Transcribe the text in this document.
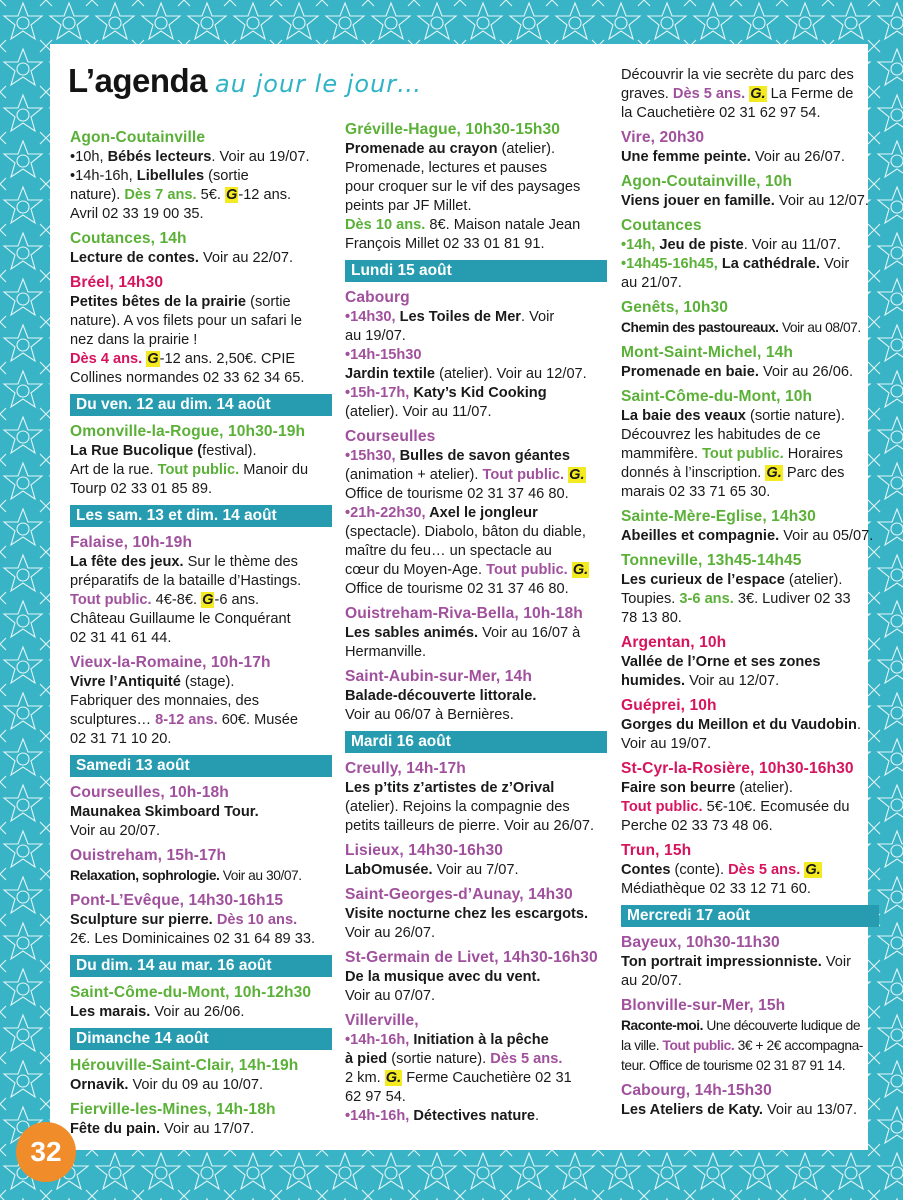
L’agenda au jour le jour…
Agon-Coutainville
•10h, Bébés lecteurs. Voir au 19/07.
•14h-16h, Libellules (sortie
nature). Dès 7 ans. 5€. G-12 ans.
Avril 02 33 19 00 35.
Coutances, 14h
Lecture de contes. Voir au 22/07.
Bréel, 14h30
Petites bêtes de la prairie (sortie
nature). A vos filets pour un safari le
nez dans la prairie !
Dès 4 ans. G-12 ans. 2,50€. CPIE
Collines normandes 02 33 62 34 65.
Du ven. 12 au dim. 14 août
Omonville-la-Rogue, 10h30-19h
La Rue Bucolique (festival).
Art de la rue. Tout public. Manoir du
Tourp 02 33 01 85 89.
Les sam. 13 et dim. 14 août
Falaise, 10h-19h
La fête des jeux. Sur le thème des
préparatifs de la bataille d’Hastings.
Tout public. 4€-8€. G-6 ans.
Château Guillaume le Conquérant
02 31 41 61 44.
Vieux-la-Romaine, 10h-17h
Vivre l’Antiquité (stage).
Fabriquer des monnaies, des
sculptures… 8-12 ans. 60€. Musée
02 31 71 10 20.
Samedi 13 août
Courseulles, 10h-18h
Maunakea Skimboard Tour.
Voir au 20/07.
Ouistreham, 15h-17h
Relaxation, sophrologie. Voir au 30/07.
Pont-L’Evêque, 14h30-16h15
Sculpture sur pierre. Dès 10 ans.
2€. Les Dominicaines 02 31 64 89 33.
Du dim. 14 au mar. 16 août
Saint-Côme-du-Mont, 10h-12h30
Les marais. Voir au 26/06.
Dimanche 14 août
Hérouville-Saint-Clair, 14h-19h
Ornavik. Voir du 09 au 10/07.
Fierville-les-Mines, 14h-18h
Fête du pain. Voir au 17/07.
Gréville-Hague, 10h30-15h30
Promenade au crayon (atelier).
Promenade, lectures et pauses
pour croquer sur le vif des paysages
peints par JF Millet.
Dès 10 ans. 8€. Maison natale Jean
François Millet 02 33 01 81 91.
Lundi 15 août
Cabourg
•14h30, Les Toiles de Mer. Voir
au 19/07.
•14h-15h30
Jardin textile (atelier). Voir au 12/07.
•15h-17h, Katy’s Kid Cooking
(atelier). Voir au 11/07.
Courseulles
•15h30, Bulles de savon géantes
(animation + atelier). Tout public. G.
Office de tourisme 02 31 37 46 80.
•21h-22h30, Axel le jongleur
(spectacle). Diabolo, bâton du diable,
maître du feu… un spectacle au
cœur du Moyen-Age. Tout public. G.
Office de tourisme 02 31 37 46 80.
Ouistreham-Riva-Bella, 10h-18h
Les sables animés. Voir au 16/07 à
Hermanville.
Saint-Aubin-sur-Mer, 14h
Balade-découverte littorale.
Voir au 06/07 à Bernières.
Mardi 16 août
Creully, 14h-17h
Les p’tits z’artistes de z’Orival
(atelier). Rejoins la compagnie des
petits tailleurs de pierre. Voir au 26/07.
Lisieux, 14h30-16h30
LabOmusée. Voir au 7/07.
Saint-Georges-d’Aunay, 14h30
Visite nocturne chez les escargots.
Voir au 26/07.
St-Germain de Livet, 14h30-16h30
De la musique avec du vent.
Voir au 07/07.
Villerville,
•14h-16h, Initiation à la pêche
à pied (sortie nature). Dès 5 ans.
2 km. G. Ferme Cauchetière 02 31
62 97 54.
•14h-16h, Détectives nature.
Découvrir la vie secrète du parc des
graves. Dès 5 ans. G. La Ferme de
la Cauchetière 02 31 62 97 54.
Vire, 20h30
Une femme peinte. Voir au 26/07.
Agon-Coutainville, 10h
Viens jouer en famille. Voir au 12/07.
Coutances
•14h, Jeu de piste. Voir au 11/07.
•14h45-16h45, La cathédrale. Voir
au 21/07.
Genêts, 10h30
Chemin des pastoureaux. Voir au 08/07.
Mont-Saint-Michel, 14h
Promenade en baie. Voir au 26/06.
Saint-Côme-du-Mont, 10h
La baie des veaux (sortie nature).
Découvrez les habitudes de ce
mammifère. Tout public. Horaires
donnés à l’inscription. G. Parc des
marais 02 33 71 65 30.
Sainte-Mère-Eglise, 14h30
Abeilles et compagnie. Voir au 05/07.
Tonneville, 13h45-14h45
Les curieux de l’espace (atelier).
Toupies. 3-6 ans. 3€. Ludiver 02 33
78 13 80.
Argentan, 10h
Vallée de l’Orne et ses zones
humides. Voir au 12/07.
Guéprei, 10h
Gorges du Meillon et du Vaudobin.
Voir au 19/07.
St-Cyr-la-Rosière, 10h30-16h30
Faire son beurre (atelier).
Tout public. 5€-10€. Ecomusée du
Perche 02 33 73 48 06.
Trun, 15h
Contes (conte). Dès 5 ans. G.
Médiathèque 02 33 12 71 60.
Mercredi 17 août
Bayeux, 10h30-11h30
Ton portrait impressionniste. Voir
au 20/07.
Blonville-sur-Mer, 15h
Raconte-moi. Une découverte ludique de
la ville. Tout public. 3€ + 2€ accompagna-
teur. Office de tourisme 02 31 87 91 14.
Cabourg, 14h-15h30
Les Ateliers de Katy. Voir au 13/07.
32
